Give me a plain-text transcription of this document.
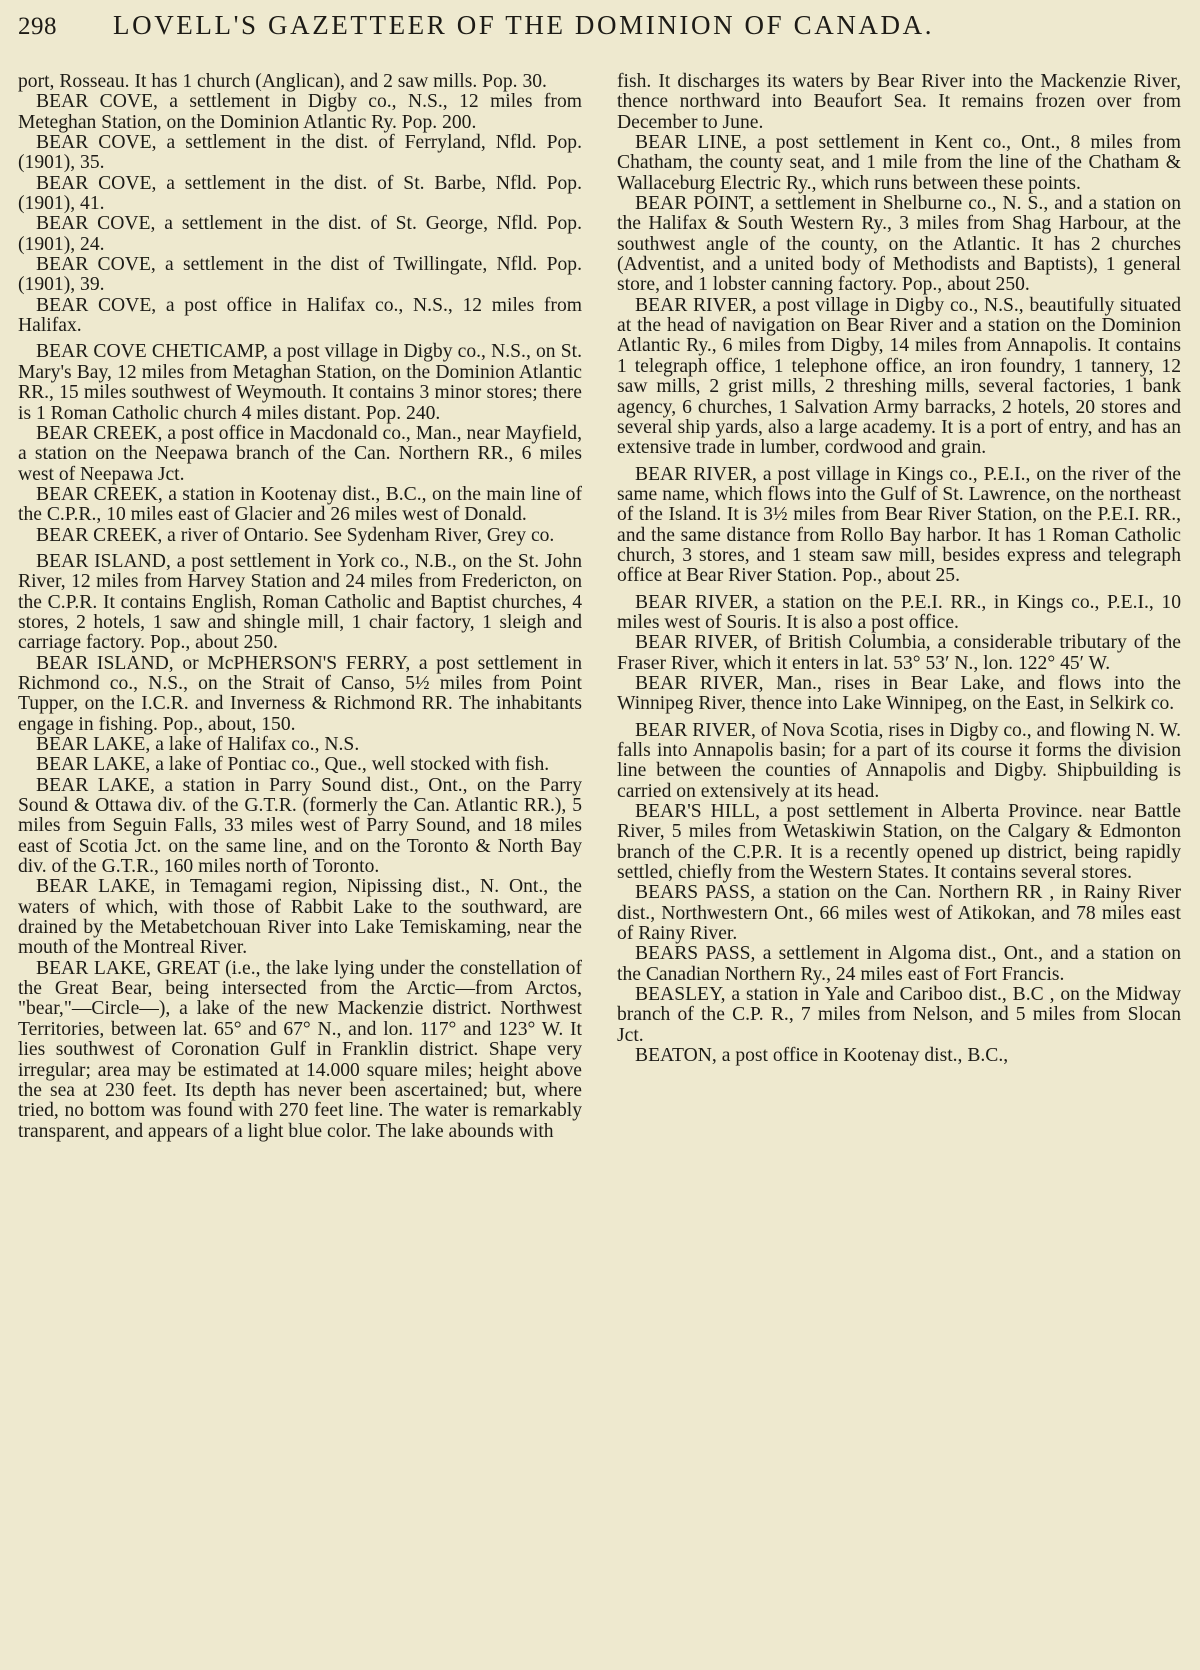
298	LOVELL'S GAZETTEER OF THE DOMINION OF CANADA.

port, Rosseau. It has 1 church (Anglican), and 2 saw mills. Pop. 30.

BEAR COVE, a settlement in Digby co., N.S., 12 miles from Meteghan Station, on the Dominion Atlantic Ry. Pop. 200.

BEAR COVE, a settlement in the dist. of Ferryland, Nfld. Pop. (1901), 35.

BEAR COVE, a settlement in the dist. of St. Barbe, Nfld. Pop. (1901), 41.

BEAR COVE, a settlement in the dist. of St. George, Nfld. Pop. (1901), 24.

BEAR COVE, a settlement in the dist of Twillingate, Nfld. Pop. (1901), 39.

BEAR COVE, a post office in Halifax co., N.S., 12 miles from Halifax.

BEAR COVE CHETICAMP, a post village in Digby co., N.S., on St. Mary's Bay, 12 miles from Metaghan Station, on the Dominion Atlantic RR., 15 miles southwest of Weymouth. It contains 3 minor stores; there is 1 Roman Catholic church 4 miles distant. Pop. 240.

BEAR CREEK, a post office in Macdonald co., Man., near Mayfield, a station on the Neepawa branch of the Can. Northern RR., 6 miles west of Neepawa Jct.

BEAR CREEK, a station in Kootenay dist., B.C., on the main line of the C.P.R., 10 miles east of Glacier and 26 miles west of Donald.

BEAR CREEK, a river of Ontario. See Sydenham River, Grey co.

BEAR ISLAND, a post settlement in York co., N.B., on the St. John River, 12 miles from Harvey Station and 24 miles from Fredericton, on the C.P.R. It contains English, Roman Catholic and Baptist churches, 4 stores, 2 hotels, 1 saw and shingle mill, 1 chair factory, 1 sleigh and carriage factory. Pop., about 250.

BEAR ISLAND, or McPHERSON'S FERRY, a post settlement in Richmond co., N.S., on the Strait of Canso, 5½ miles from Point Tupper, on the I.C.R. and Inverness & Richmond RR. The inhabitants engage in fishing. Pop., about, 150.

BEAR LAKE, a lake of Halifax co., N.S.

BEAR LAKE, a lake of Pontiac co., Que., well stocked with fish.

BEAR LAKE, a station in Parry Sound dist., Ont., on the Parry Sound & Ottawa div. of the G.T.R. (formerly the Can. Atlantic RR.), 5 miles from Seguin Falls, 33 miles west of Parry Sound, and 18 miles east of Scotia Jct. on the same line, and on the Toronto & North Bay div. of the G.T.R., 160 miles north of Toronto.

BEAR LAKE, in Temagami region, Nipissing dist., N. Ont., the waters of which, with those of Rabbit Lake to the southward, are drained by the Metabetchouan River into Lake Temiskaming, near the mouth of the Montreal River.

BEAR LAKE, GREAT (i.e., the lake lying under the constellation of the Great Bear, being intersected from the Arctic—from Arctos, "bear,"—Circle—), a lake of the new Mackenzie district. Northwest Territories, between lat. 65° and 67° N., and lon. 117° and 123° W. It lies southwest of Coronation Gulf in Franklin district. Shape very irregular; area may be estimated at 14.000 square miles; height above the sea at 230 feet. Its depth has never been ascertained; but, where tried, no bottom was found with 270 feet line. The water is remarkably transparent, and appears of a light blue color. The lake abounds with

fish. It discharges its waters by Bear River into the Mackenzie River, thence northward into Beaufort Sea. It remains frozen over from December to June.

BEAR LINE, a post settlement in Kent co., Ont., 8 miles from Chatham, the county seat, and 1 mile from the line of the Chatham & Wallaceburg Electric Ry., which runs between these points.

BEAR POINT, a settlement in Shelburne co., N. S., and a station on the Halifax & South Western Ry., 3 miles from Shag Harbour, at the southwest angle of the county, on the Atlantic. It has 2 churches (Adventist, and a united body of Methodists and Baptists), 1 general store, and 1 lobster canning factory. Pop., about 250.

BEAR RIVER, a post village in Digby co., N.S., beautifully situated at the head of navigation on Bear River and a station on the Dominion Atlantic Ry., 6 miles from Digby, 14 miles from Annapolis. It contains 1 telegraph office, 1 telephone office, an iron foundry, 1 tannery, 12 saw mills, 2 grist mills, 2 threshing mills, several factories, 1 bank agency, 6 churches, 1 Salvation Army barracks, 2 hotels, 20 stores and several ship yards, also a large academy. It is a port of entry, and has an extensive trade in lumber, cordwood and grain.

BEAR RIVER, a post village in Kings co., P.E.I., on the river of the same name, which flows into the Gulf of St. Lawrence, on the northeast of the Island. It is 3½ miles from Bear River Station, on the P.E.I. RR., and the same distance from Rollo Bay harbor. It has 1 Roman Catholic church, 3 stores, and 1 steam saw mill, besides express and telegraph office at Bear River Station. Pop., about 25.

BEAR RIVER, a station on the P.E.I. RR., in Kings co., P.E.I., 10 miles west of Souris. It is also a post office.

BEAR RIVER, of British Columbia, a considerable tributary of the Fraser River, which it enters in lat. 53° 53′ N., lon. 122° 45′ W.

BEAR RIVER, Man., rises in Bear Lake, and flows into the Winnipeg River, thence into Lake Winnipeg, on the East, in Selkirk co.

BEAR RIVER, of Nova Scotia, rises in Digby co., and flowing N. W. falls into Annapolis basin; for a part of its course it forms the division line between the counties of Annapolis and Digby. Shipbuilding is carried on extensively at its head.

BEAR'S HILL, a post settlement in Alberta Province. near Battle River, 5 miles from Wetaskiwin Station, on the Calgary & Edmonton branch of the C.P.R. It is a recently opened up district, being rapidly settled, chiefly from the Western States. It contains several stores.

BEARS PASS, a station on the Can. Northern RR , in Rainy River dist., Northwestern Ont., 66 miles west of Atikokan, and 78 miles east of Rainy River.

BEARS PASS, a settlement in Algoma dist., Ont., and a station on the Canadian Northern Ry., 24 miles east of Fort Francis.

BEASLEY, a station in Yale and Cariboo dist., B.C , on the Midway branch of the C.P. R., 7 miles from Nelson, and 5 miles from Slocan Jct.

BEATON, a post office in Kootenay dist., B.C.,
